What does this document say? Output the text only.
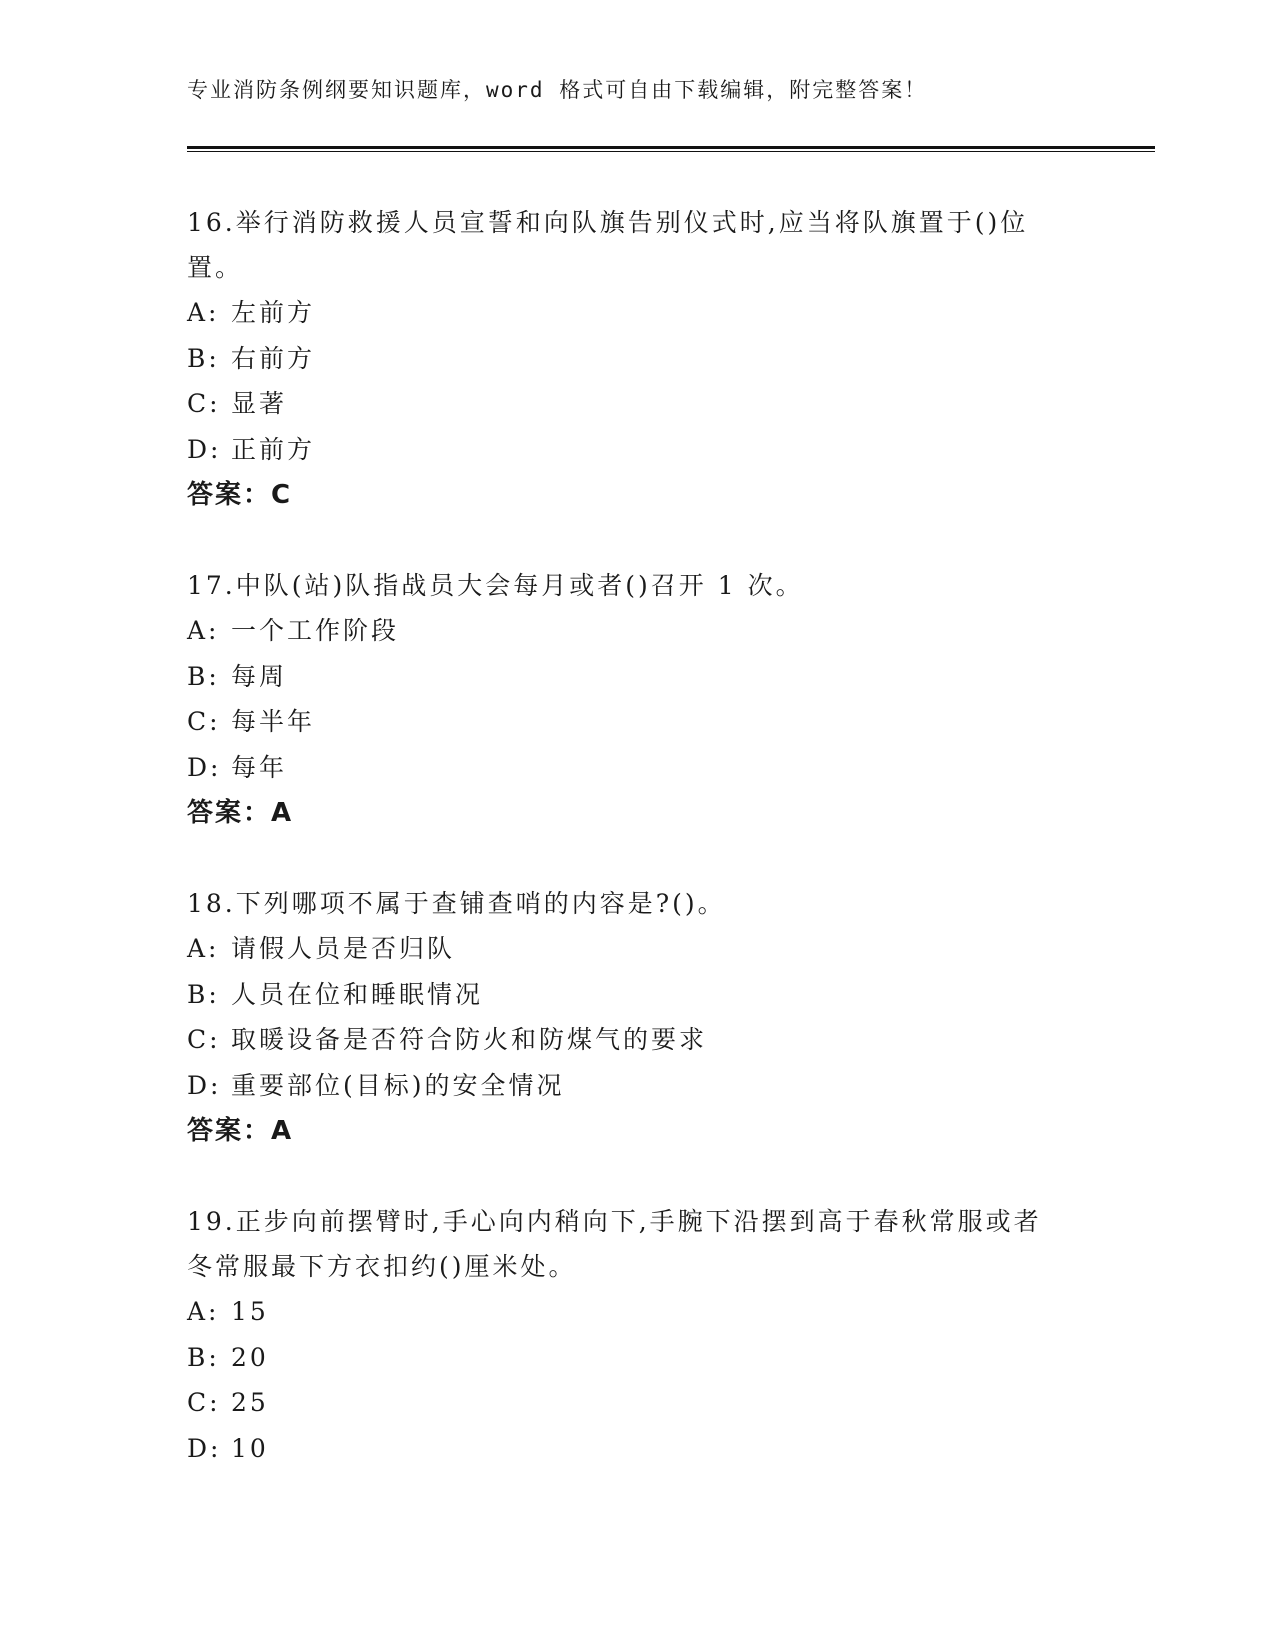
专业消防条例纲要知识题库，word 格式可自由下载编辑，附完整答案！

16.举行消防救援人员宣誓和向队旗告别仪式时,应当将队旗置于()位置。

A: 左前方

B: 右前方

C: 显著

D: 正前方

答案：C

17.中队(站)队指战员大会每月或者()召开 1 次。

A: 一个工作阶段

B: 每周

C: 每半年

D: 每年

答案：A

18.下列哪项不属于查铺查哨的内容是?()。

A: 请假人员是否归队

B: 人员在位和睡眠情况

C: 取暖设备是否符合防火和防煤气的要求

D: 重要部位(目标)的安全情况

答案：A

19.正步向前摆臂时,手心向内稍向下,手腕下沿摆到高于春秋常服或者冬常服最下方衣扣约()厘米处。

A: 15

B: 20

C: 25

D: 10
